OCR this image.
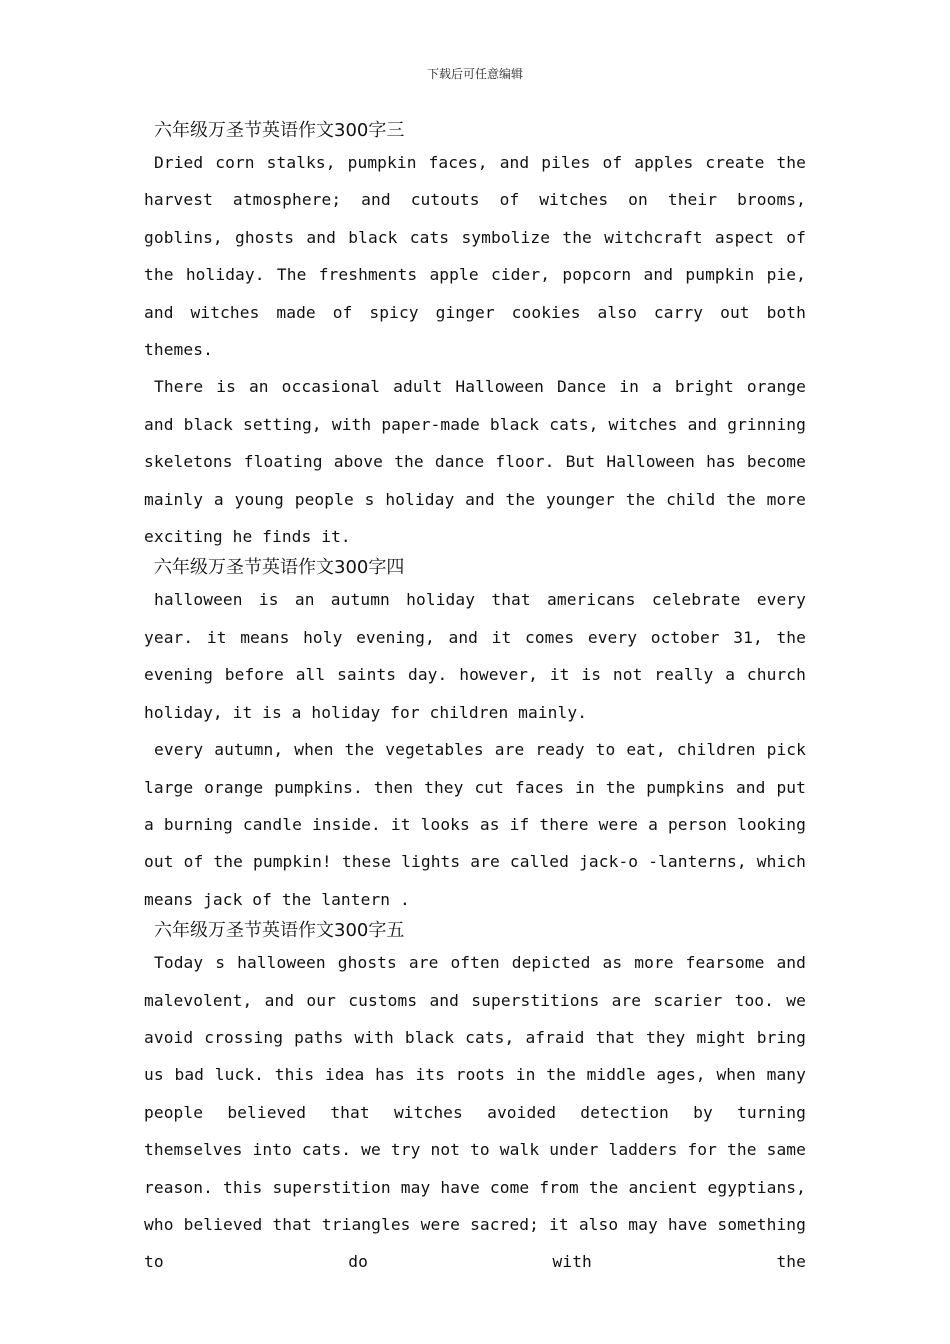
下载后可任意编辑
六年级万圣节英语作文300字三

Dried corn stalks, pumpkin faces, and piles of apples create the harvest atmosphere; and cutouts of witches on their brooms, goblins, ghosts and black cats symbolize the witchcraft aspect of the holiday. The freshments apple cider, popcorn and pumpkin pie, and witches made of spicy ginger cookies also carry out both themes.

There is an occasional adult Halloween Dance in a bright orange and black setting, with paper-made black cats, witches and grinning skeletons floating above the dance floor. But Halloween has become mainly a young people s holiday and the younger the child the more exciting he finds it.

六年级万圣节英语作文300字四

halloween is an autumn holiday that americans celebrate every year. it means holy evening, and it comes every october 31, the evening before all saints day. however, it is not really a church holiday, it is a holiday for children mainly.

every autumn, when the vegetables are ready to eat, children pick large orange pumpkins. then they cut faces in the pumpkins and put a burning candle inside. it looks as if there were a person looking out of the pumpkin! these lights are called jack-o -lanterns, which means jack of the lantern .

六年级万圣节英语作文300字五

Today s halloween ghosts are often depicted as more fearsome and malevolent, and our customs and superstitions are scarier too. we avoid crossing paths with black cats, afraid that they might bring us bad luck. this idea has its roots in the middle ages, when many people believed that witches avoided detection by turning themselves into cats. we try not to walk under ladders for the same reason. this superstition may have come from the ancient egyptians, who believed that triangles were sacred; it also may have something to do with the
